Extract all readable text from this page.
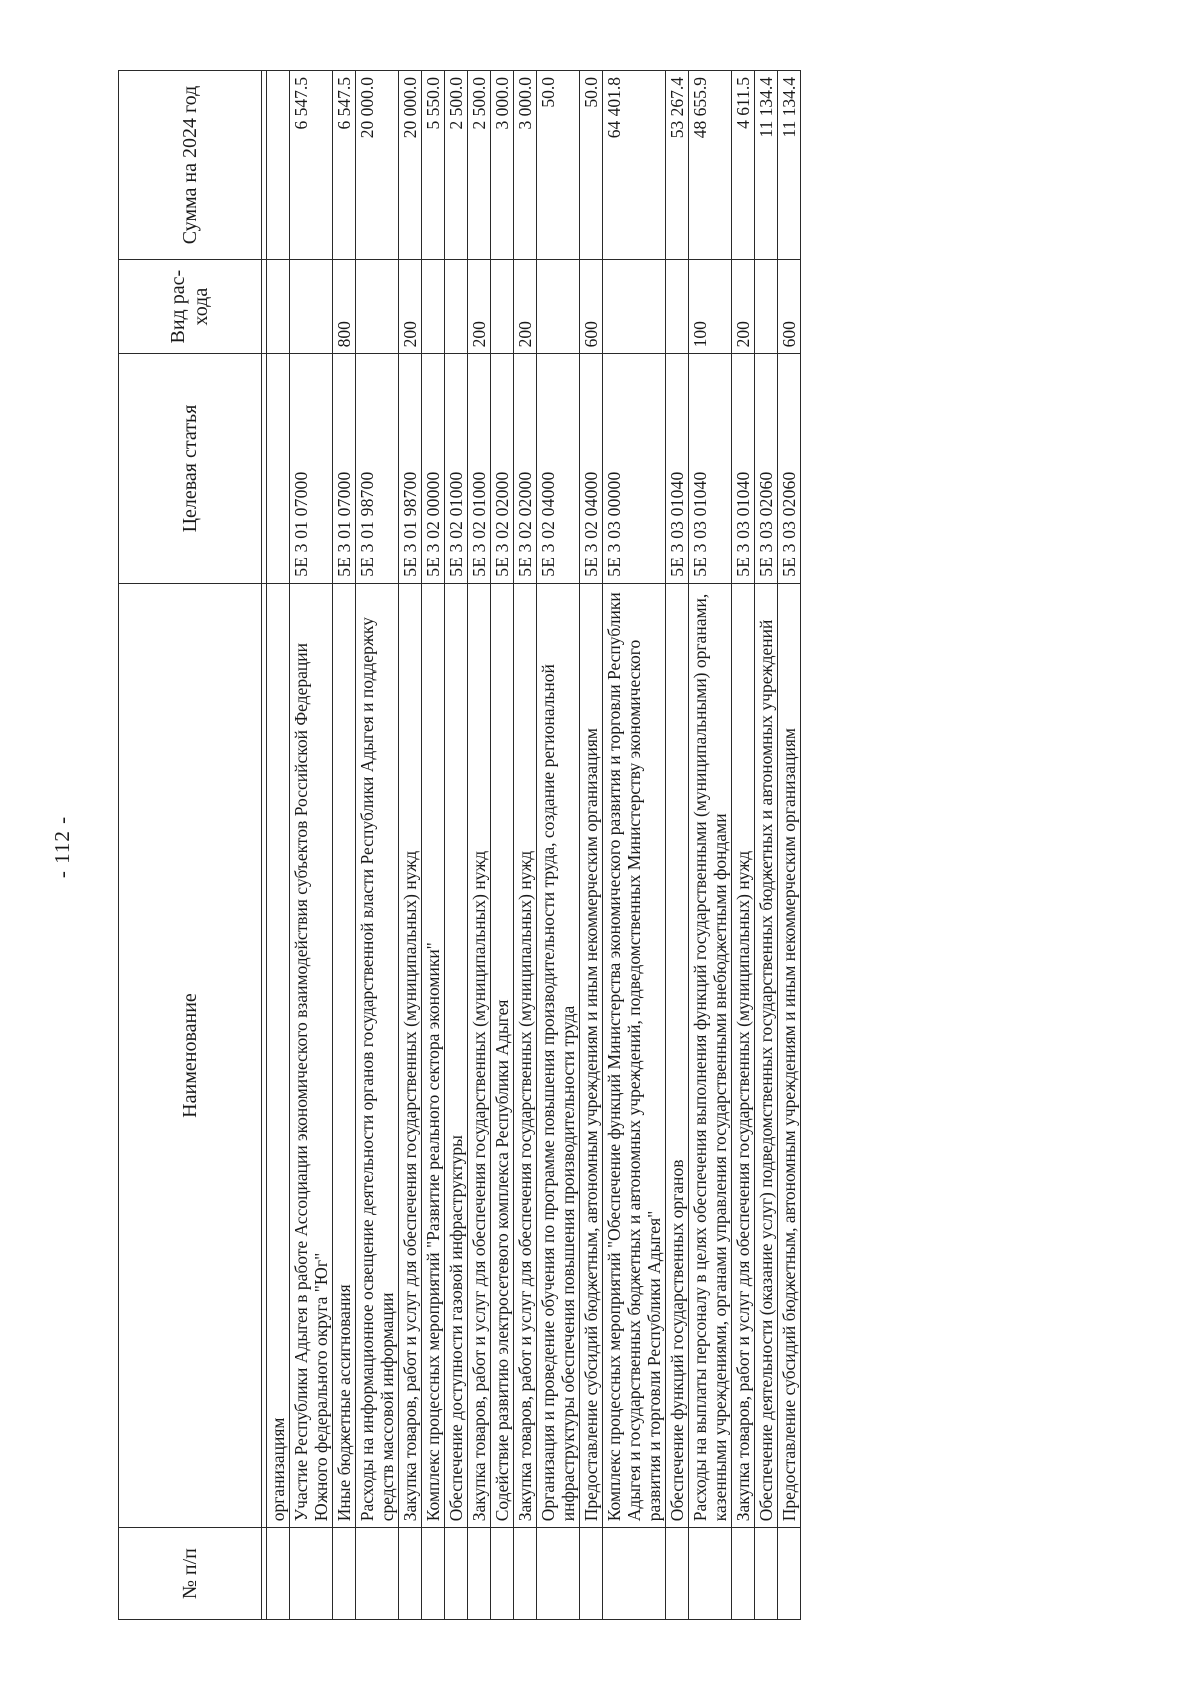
- 112 -
№ п/п	Наименование	Целевая статья	Вид рас- хода	Сумма на 2024 год

	организациям			
	Участие Республики Адыгея в работе Ассоциации экономического взаимодействия субъектов Российской Федерации Южного федерального округа "Юг"	5Е 3 01 07000		6 547.5
	Иные бюджетные ассигнования	5Е 3 01 07000	800	6 547.5
	Расходы на информационное освещение деятельности органов государственной власти Республики Адыгея и поддержку средств массовой информации	5Е 3 01 98700		20 000.0
	Закупка товаров, работ и услуг для обеспечения государственных (муниципальных) нужд	5Е 3 01 98700	200	20 000.0
	Комплекс процессных мероприятий "Развитие реального сектора экономики"	5Е 3 02 00000		5 550.0
	Обеспечение доступности газовой инфраструктуры	5Е 3 02 01000		2 500.0
	Закупка товаров, работ и услуг для обеспечения государственных (муниципальных) нужд	5Е 3 02 01000	200	2 500.0
	Содействие развитию электросетевого комплекса Республики Адыгея	5Е 3 02 02000		3 000.0
	Закупка товаров, работ и услуг для обеспечения государственных (муниципальных) нужд	5Е 3 02 02000	200	3 000.0
	Организация и проведение обучения по программе повышения производительности труда, создание региональной инфраструктуры обеспечения повышения производительности труда	5Е 3 02 04000		50.0
	Предоставление субсидий бюджетным, автономным учреждениям и иным некоммерческим организациям	5Е 3 02 04000	600	50.0
	Комплекс процессных мероприятий "Обеспечение функций Министерства экономического развития и торговли Республики Адыгея и государственных бюджетных и автономных учреждений, подведомственных Министерству экономического развития и торговли Республики Адыгея"	5Е 3 03 00000		64 401.8
	Обеспечение функций государственных органов	5Е 3 03 01040		53 267.4
	Расходы на выплаты персоналу в целях обеспечения выполнения функций государственными (муниципальными) органами, казенными учреждениями, органами управления государственными внебюджетными фондами	5Е 3 03 01040	100	48 655.9
	Закупка товаров, работ и услуг для обеспечения государственных (муниципальных) нужд	5Е 3 03 01040	200	4 611.5
	Обеспечение деятельности (оказание услуг) подведомственных государственных бюджетных и автономных учреждений	5Е 3 03 02060		11 134.4
	Предоставление субсидий бюджетным, автономным учреждениям и иным некоммерческим организациям	5Е 3 03 02060	600	11 134.4
